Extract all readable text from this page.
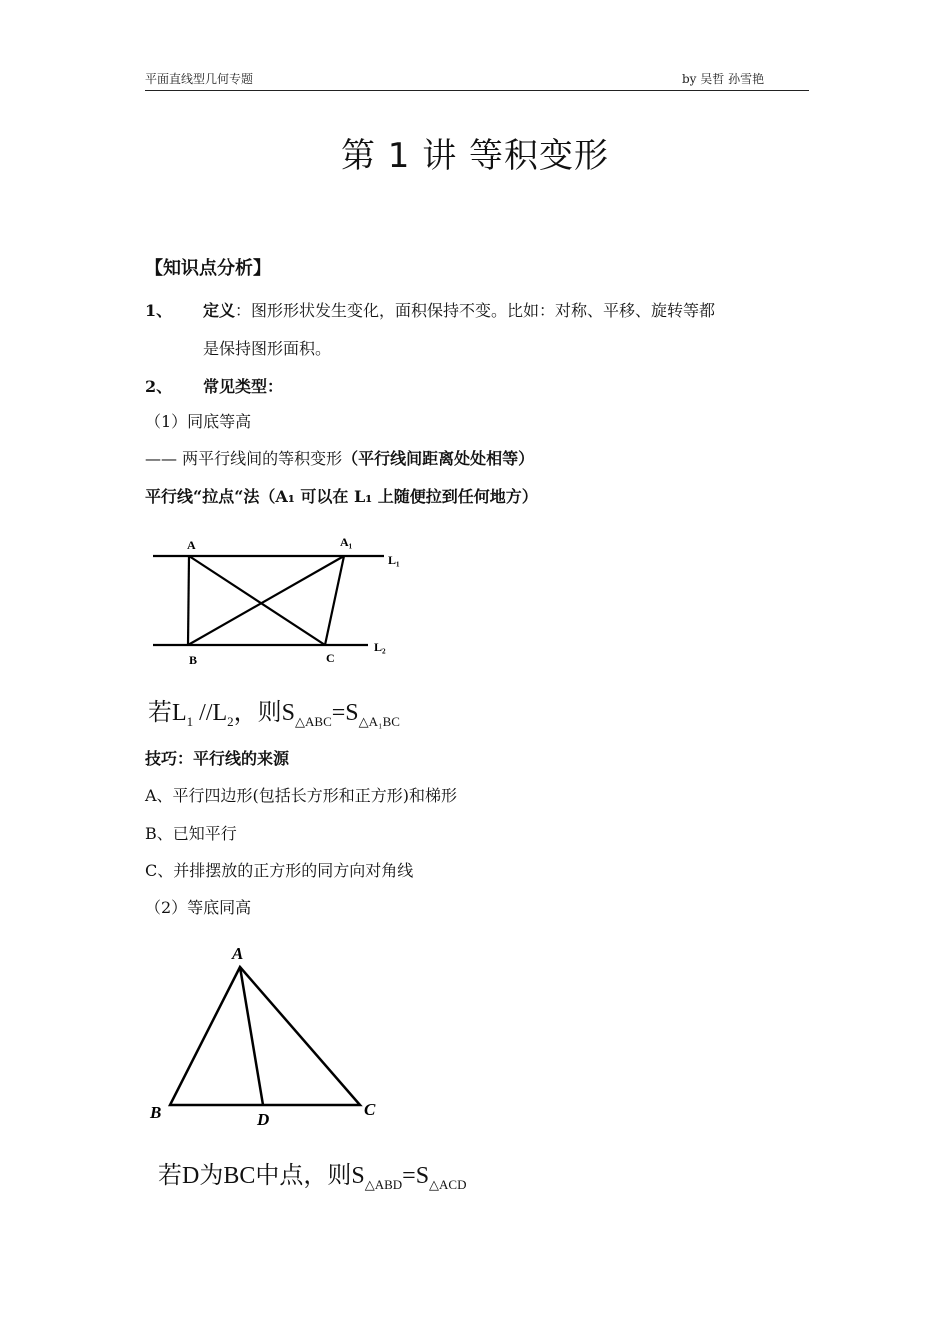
平面直线型几何专题	by 吴哲 孙雪艳
第 1 讲 等积变形
【知识点分析】
1、 定义：图形形状发生变化，面积保持不变。比如：对称、平移、旋转等都
是保持图形面积。
2、 常见类型：
（1）同底等高
—— 两平行线间的等积变形（平行线间距离处处相等）
平行线“拉点“法（A₁ 可以在 L₁ 上随便拉到任何地方）
A	A₁
L₁
B	C
L₂
若$L_1$ $//L_2$，则$S_{\triangle ABC}=S_{\triangle A_1BC}$
技巧：平行线的来源
A、平行四边形(包括长方形和正方形)和梯形
B、已知平行
C、并排摆放的正方形的同方向对角线
（2）等底同高
A
B	D
C
若D为BC中点，则$S_{\triangle ABD}=S_{\triangle ACD}$
